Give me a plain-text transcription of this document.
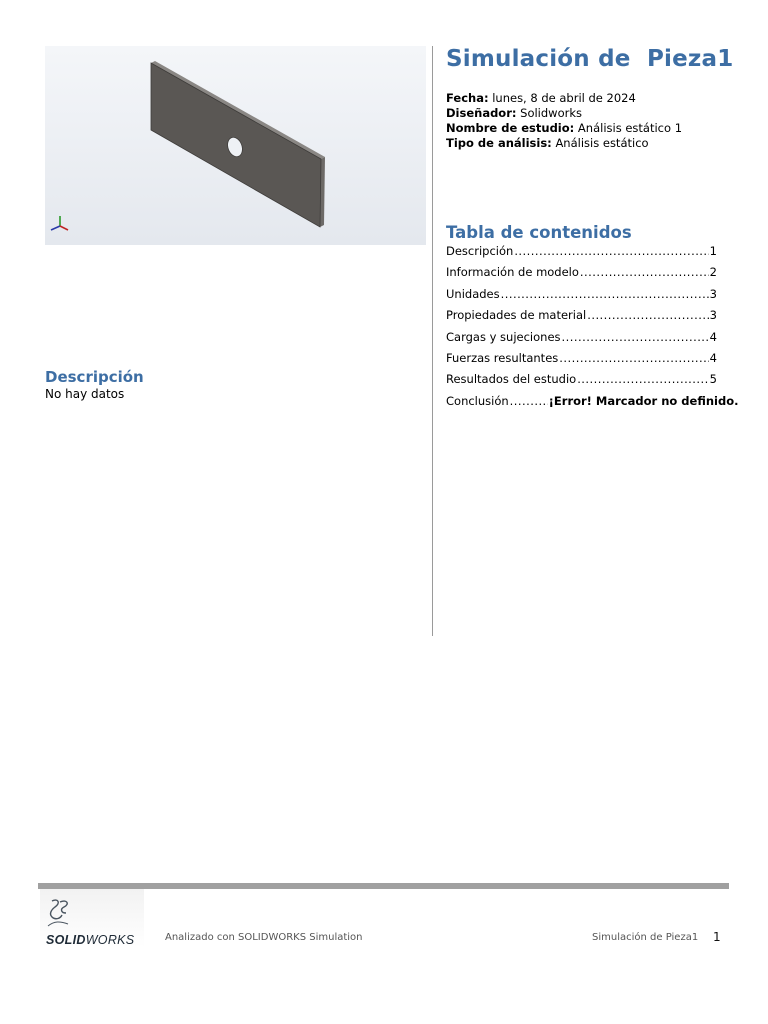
Simulación de  Pieza1
Fecha: lunes, 8 de abril de 2024
Diseñador: Solidworks
Nombre de estudio: Análisis estático 1
Tipo de análisis: Análisis estático
Tabla de contenidos
Descripción . . .	1
Información de modelo . . .	2
Unidades . . .	3
Propiedades de material . . .	3
Cargas y sujeciones . . .	4
Fuerzas resultantes . . .	4
Resultados del estudio . . .	5
Conclusión . . .	¡Error! Marcador no definido.
Descripción
No hay datos
SOLIDWORKS	Analizado con SOLIDWORKS Simulation	Simulación de Pieza1 1
